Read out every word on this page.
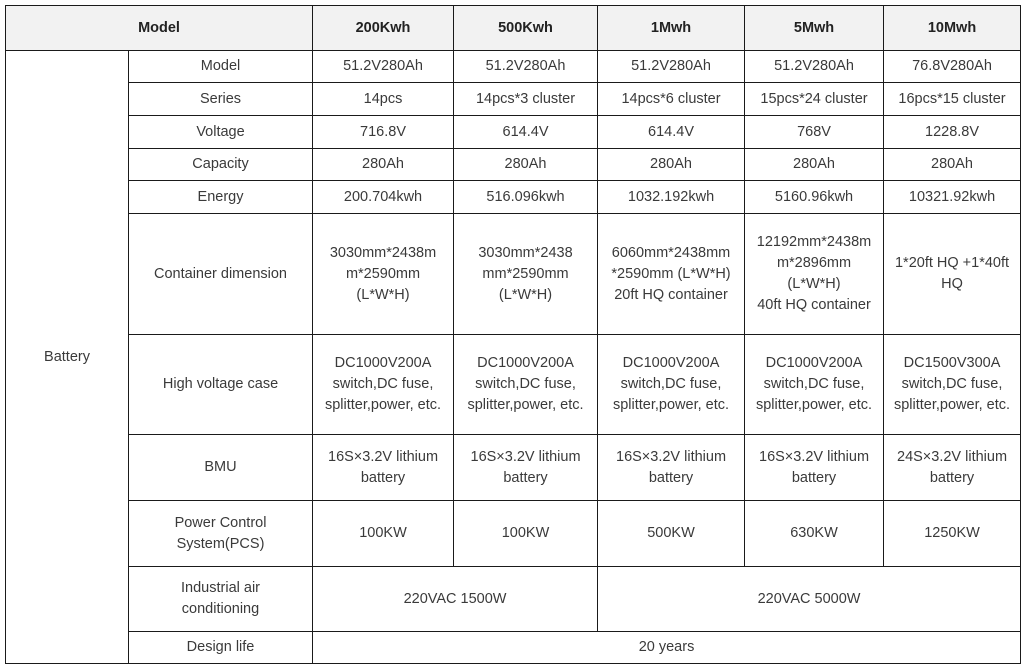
Model		200Kwh	500Kwh	1Mwh	5Mwh	10Mwh
Battery	Model	51.2V280Ah	51.2V280Ah	51.2V280Ah	51.2V280Ah	76.8V280Ah

	Series	14pcs	14pcs*3 cluster	14pcs*6 cluster	15pcs*24 cluster	16pcs*15 cluster

	Voltage	716.8V	614.4V	614.4V	768V	1228.8V

	Capacity	280Ah	280Ah	280Ah	280Ah	280Ah

	Energy	200.704kwh	516.096kwh	1032.192kwh	5160.96kwh	10321.92kwh

	Container dimension	3030mm*2438m
m*2590mm
(L*W*H)	3030mm*2438
mm*2590mm
(L*W*H)	6060mm*2438mm
*2590mm (L*W*H)
20ft HQ container	12192mm*2438m
m*2896mm
(L*W*H)
40ft HQ container	1*20ft HQ +1*40ft
HQ

	High voltage case	DC1000V200A
switch,DC fuse,
splitter,power, etc.	DC1000V200A
switch,DC fuse,
splitter,power, etc.	DC1000V200A
switch,DC fuse,
splitter,power, etc.	DC1000V200A
switch,DC fuse,
splitter,power, etc.	DC1500V300A
switch,DC fuse,
splitter,power, etc.

	BMU	16S×3.2V lithium
battery	16S×3.2V lithium
battery	16S×3.2V lithium
battery	16S×3.2V lithium
battery	24S×3.2V lithium
battery

	Power Control
System(PCS)	100KW	100KW	500KW	630KW	1250KW

	Industrial air
conditioning	220VAC 1500W		220VAC 5000W		
	Design life	20 years				
